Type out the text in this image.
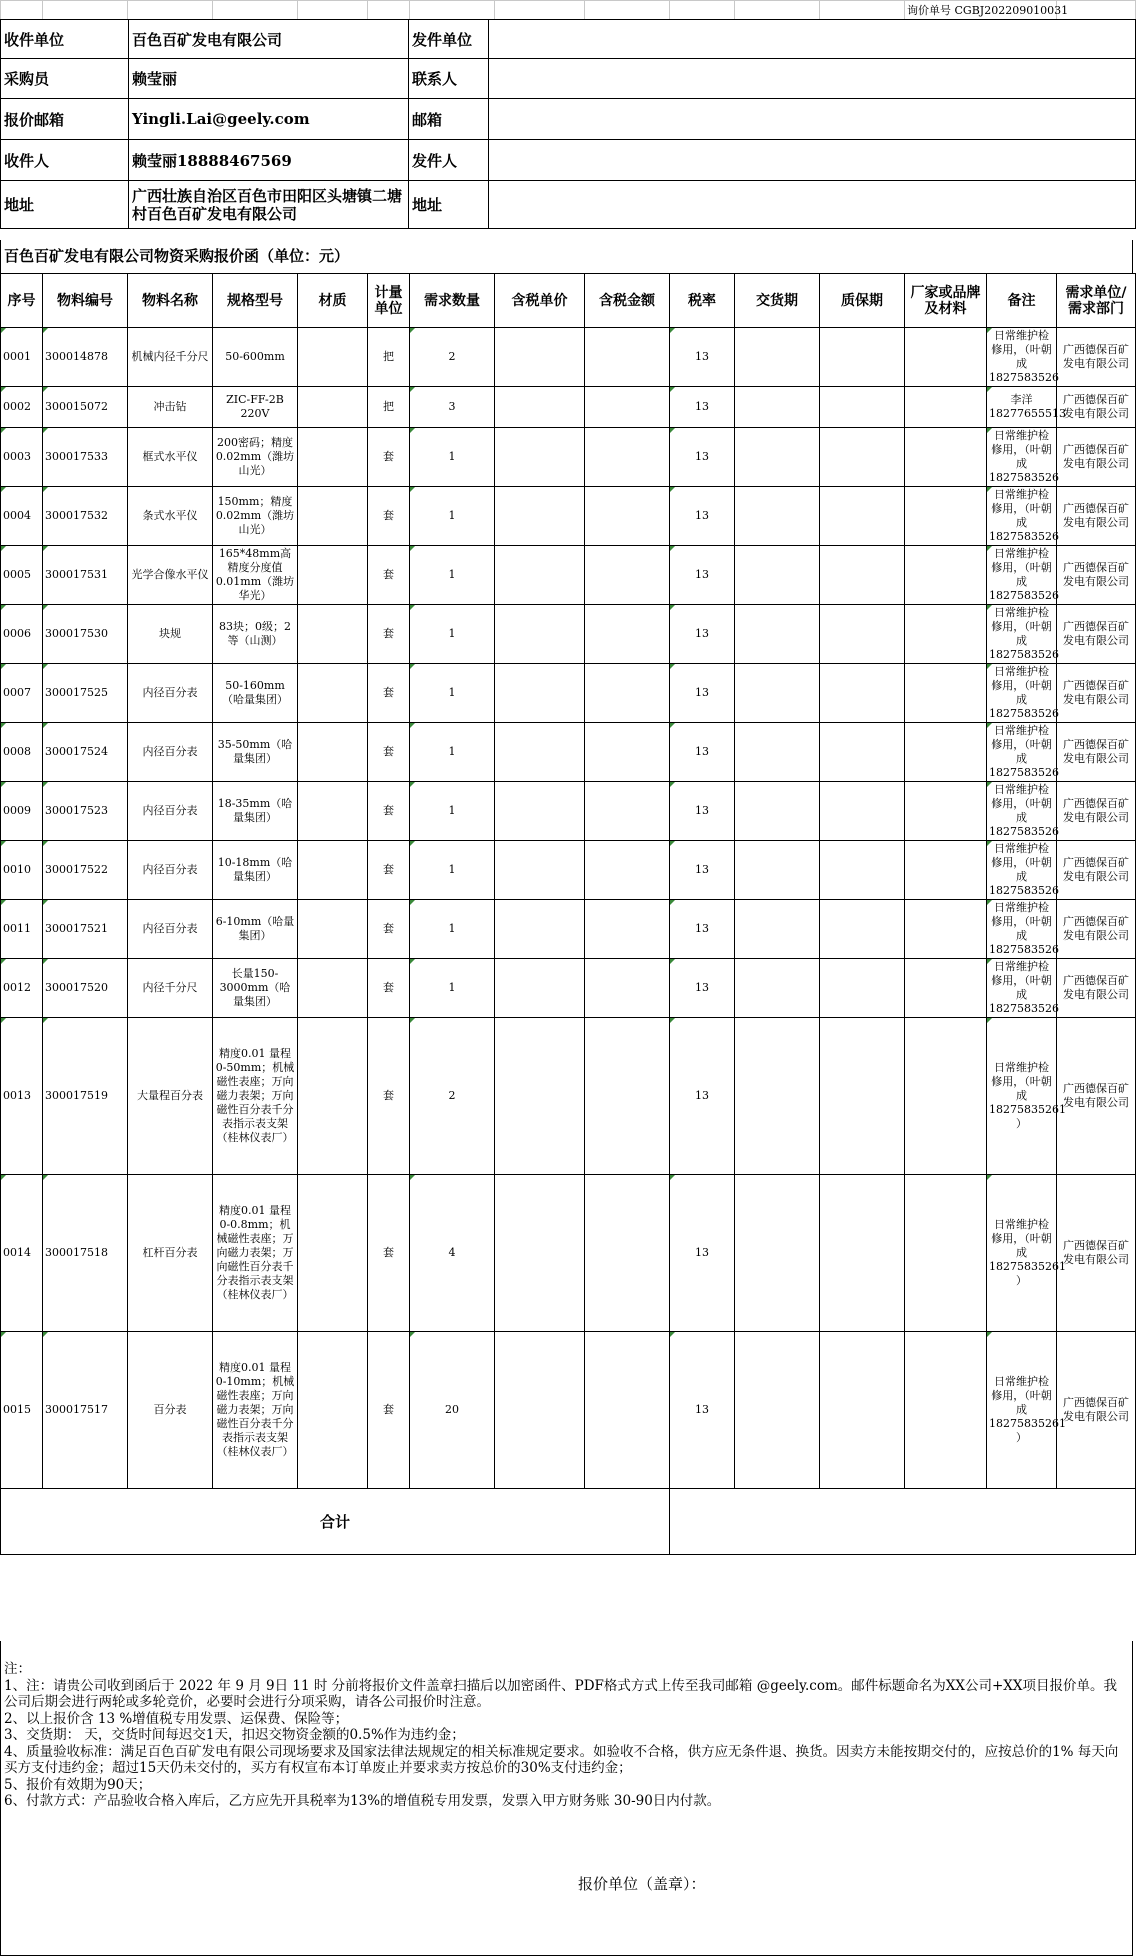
												询价单号 CGBJ202209010031	
收件单位	百色百矿发电有限公司	发件单位	
采购员	赖莹丽	联系人	
报价邮箱	Yingli.Lai@geely.com	邮箱	
收件人	赖莹丽18888467569	发件人	
地址	广西壮族自治区百色市田阳区头塘镇二塘村百色百矿发电有限公司	地址	
百色百矿发电有限公司物资采购报价函（单位：元）
序号	物料编号	物料名称	规格型号	材质	计量单位	需求数量	含税单价	含税金额	税率	交货期	质保期	厂家或品牌及材料	备注	需求单位/需求部门
0001	300014878	机械内径千分尺	50-600mm		把	2			13				日常维护检修用，（叶朝成1827583526	广西德保百矿发电有限公司
0002	300015072	冲击钻	ZIC-FF-2B 220V		把	3			13				李洋18277655513	广西德保百矿发电有限公司
0003	300017533	框式水平仪	200密码；精度0.02mm（潍坊山光）		套	1			13				日常维护检修用，（叶朝成1827583526	广西德保百矿发电有限公司
0004	300017532	条式水平仪	150mm；精度0.02mm（潍坊山光）		套	1			13				日常维护检修用，（叶朝成1827583526	广西德保百矿发电有限公司
0005	300017531	光学合像水平仪	165*48mm高精度分度值0.01mm（潍坊华光）		套	1			13				日常维护检修用，（叶朝成1827583526	广西德保百矿发电有限公司
0006	300017530	块规	83块；0级；2等（山测）		套	1			13				日常维护检修用，（叶朝成1827583526	广西德保百矿发电有限公司
0007	300017525	内径百分表	50-160mm（哈量集团）		套	1			13				日常维护检修用，（叶朝成1827583526	广西德保百矿发电有限公司
0008	300017524	内径百分表	35-50mm（哈量集团）		套	1			13				日常维护检修用，（叶朝成1827583526	广西德保百矿发电有限公司
0009	300017523	内径百分表	18-35mm（哈量集团）		套	1			13				日常维护检修用，（叶朝成1827583526	广西德保百矿发电有限公司
0010	300017522	内径百分表	10-18mm（哈量集团）		套	1			13				日常维护检修用，（叶朝成1827583526	广西德保百矿发电有限公司
0011	300017521	内径百分表	6-10mm（哈量集团）		套	1			13				日常维护检修用，（叶朝成1827583526	广西德保百矿发电有限公司
0012	300017520	内径千分尺	长量150-3000mm（哈量集团）		套	1			13				日常维护检修用，（叶朝成1827583526	广西德保百矿发电有限公司
0013	300017519	大量程百分表	精度0.01 量程0-50mm；机械磁性表座；万向磁力表架；万向磁性百分表千分表指示表支架（桂林仪表厂）		套	2			13				日常维护检修用，（叶朝成18275835261 ）	广西德保百矿发电有限公司
0014	300017518	杠杆百分表	精度0.01 量程0-0.8mm；机械磁性表座；万向磁力表架；万向磁性百分表千分表指示表支架（桂林仪表厂）		套	4			13				日常维护检修用，（叶朝成18275835261 ）	广西德保百矿发电有限公司
0015	300017517	百分表	精度0.01 量程0-10mm；机械磁性表座；万向磁力表架；万向磁性百分表千分表指示表支架（桂林仪表厂）		套	20			13				日常维护检修用，（叶朝成18275835261 ）	广西德保百矿发电有限公司
合计														
注：
1、注：请贵公司收到函后于 2022 年 9 月 9日 11 时 分前将报价文件盖章扫描后以加密函件、PDF格式方式上传至我司邮箱 @geely.com。邮件标题命名为XX公司+XX项目报价单。我公司后期会进行两轮或多轮竞价，必要时会进行分项采购，请各公司报价时注意。
2、以上报价含 13 %增值税专用发票、运保费、保险等；
3、交货期： 天，交货时间每迟交1天，扣迟交物资金额的0.5%作为违约金；
4、质量验收标准：满足百色百矿发电有限公司现场要求及国家法律法规规定的相关标准规定要求。如验收不合格，供方应无条件退、换货。因卖方未能按期交付的，应按总价的1% 每天向买方支付违约金；超过15天仍未交付的，买方有权宣布本订单废止并要求卖方按总价的30%支付违约金；
5、报价有效期为90天；
6、付款方式：产品验收合格入库后，乙方应先开具税率为13%的增值税专用发票，发票入甲方财务账 30-90日内付款。
报价单位（盖章）：
